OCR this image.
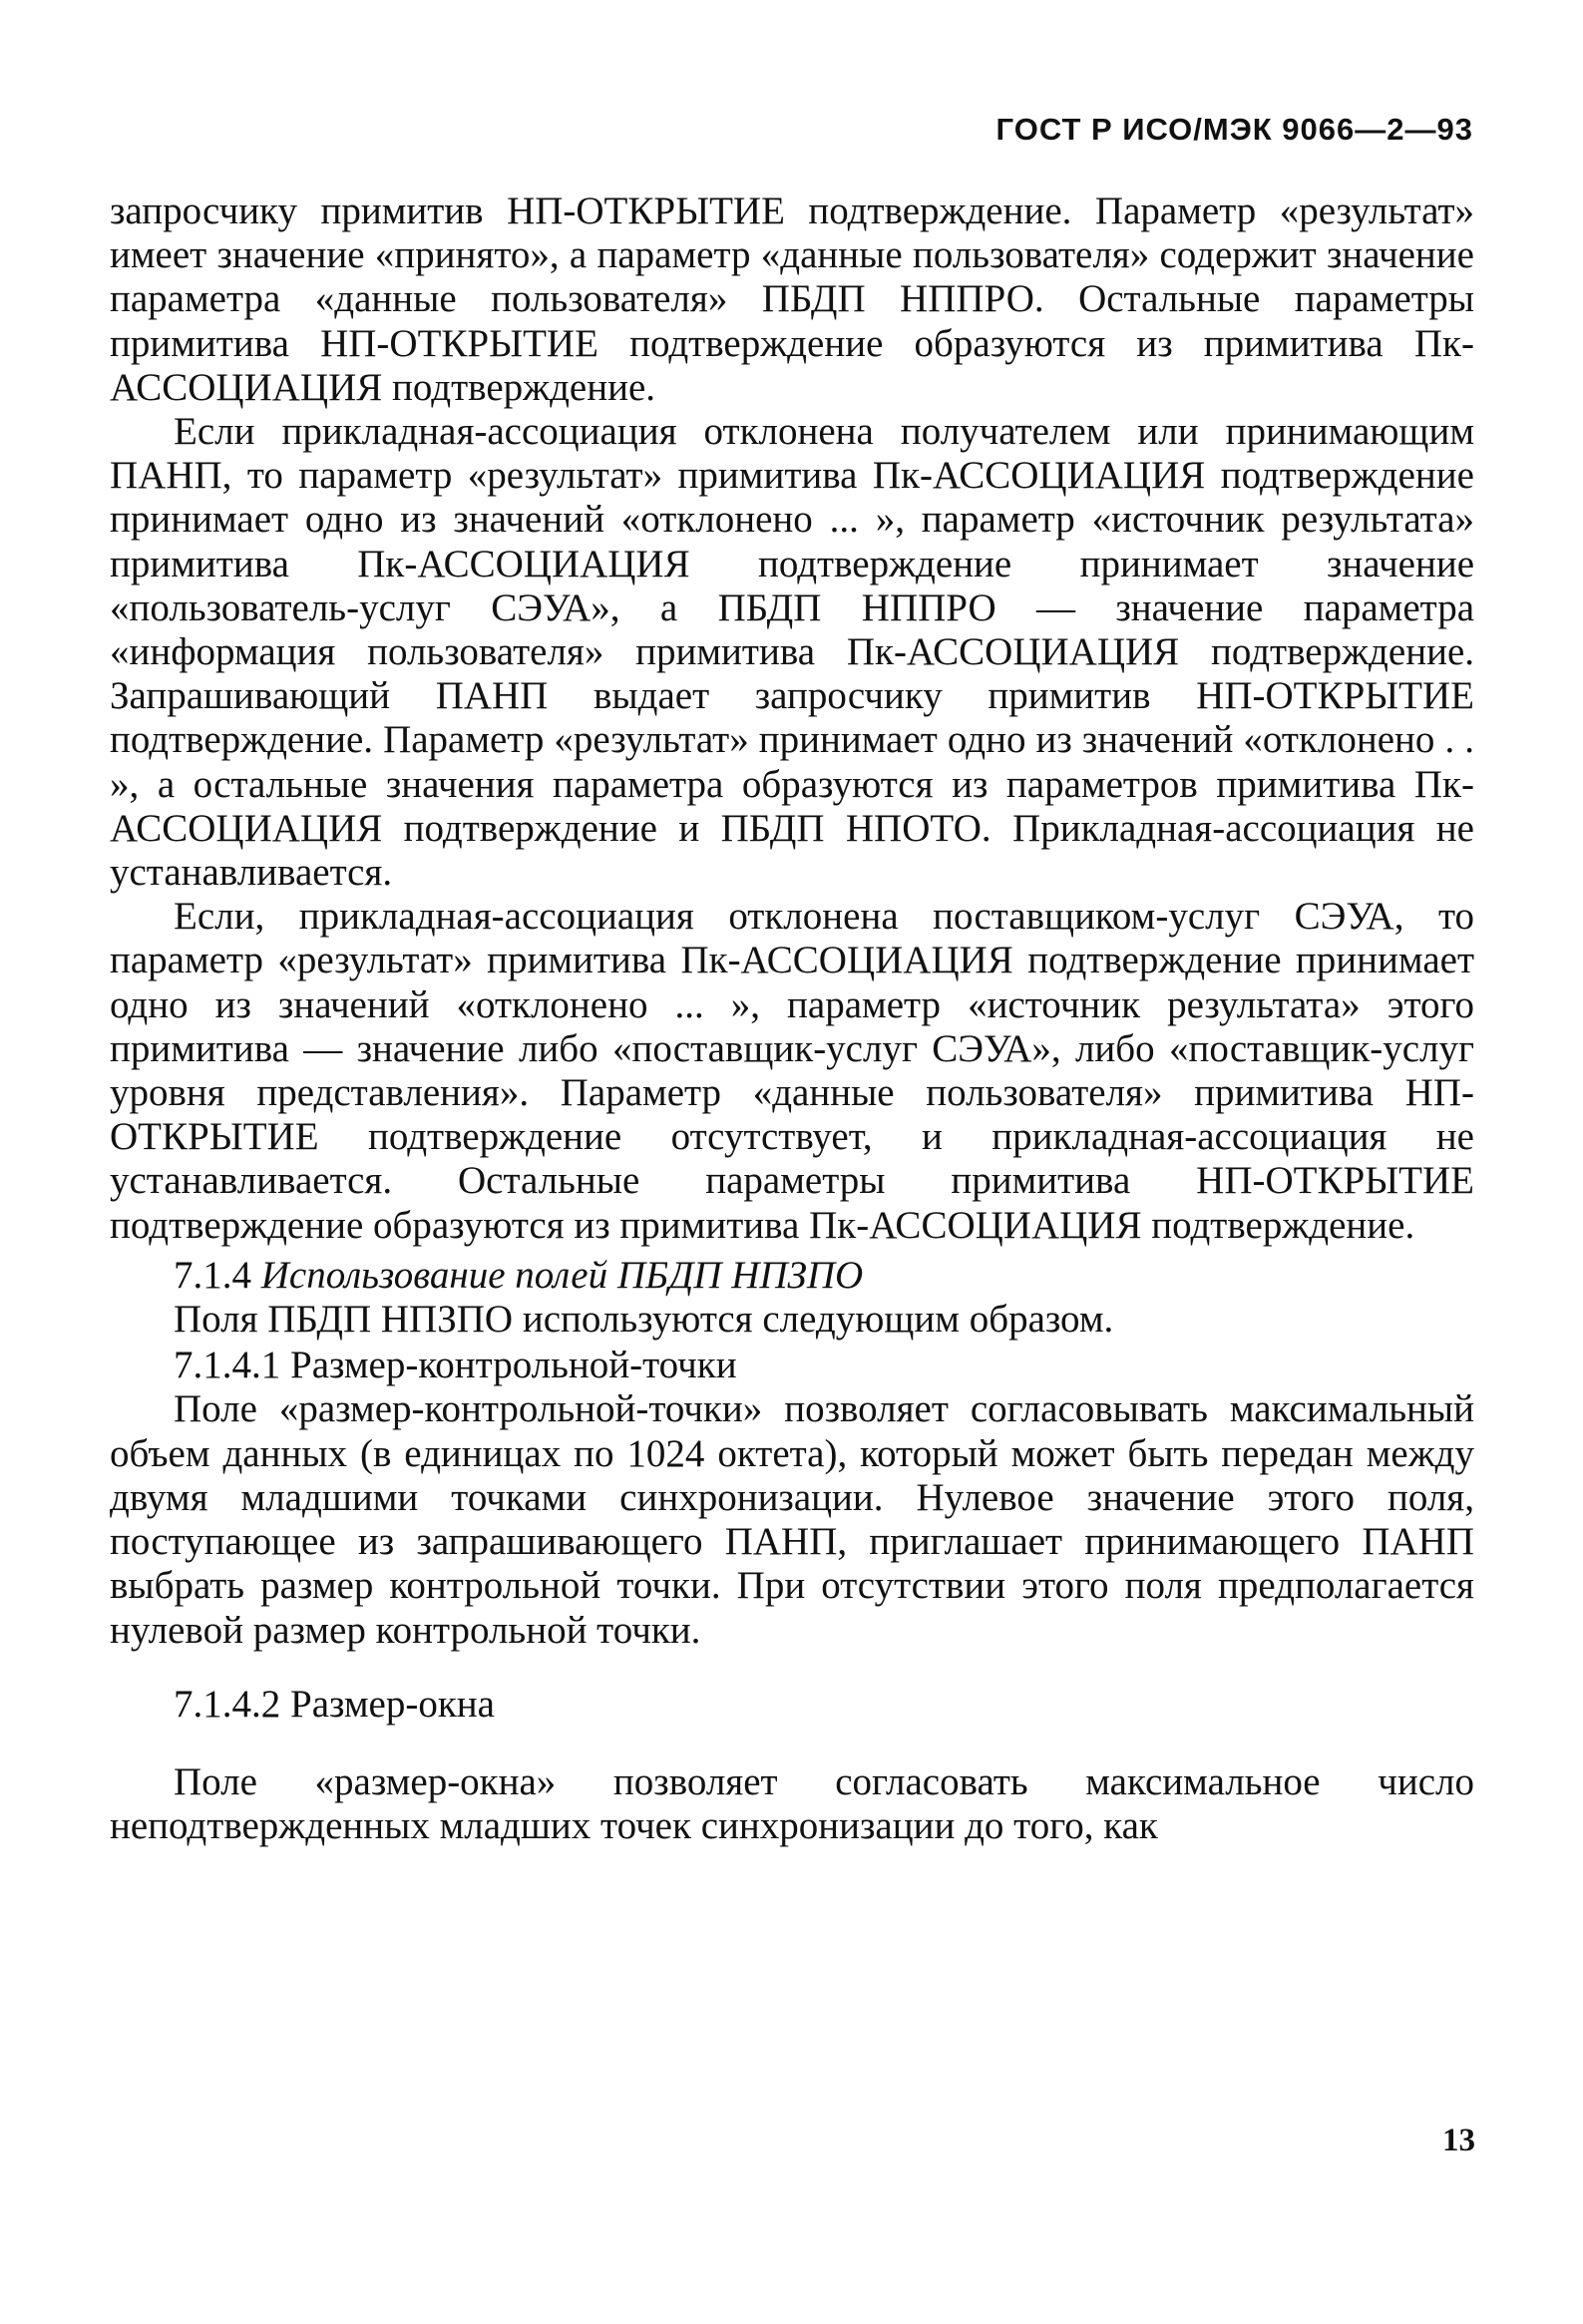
ГОСТ Р ИСО/МЭК 9066—2—93

запросчику примитив НП-ОТКРЫТИЕ подтверждение. Параметр «результат» имеет значение «принято», а параметр «данные пользователя» содержит значение параметра «данные пользователя» ПБДП НППРО. Остальные параметры примитива НП-ОТКРЫТИЕ подтверждение образуются из примитива Пк-АССОЦИАЦИЯ подтверждение.

Если прикладная-ассоциация отклонена получателем или принимающим ПАНП, то параметр «результат» примитива Пк-АССОЦИАЦИЯ подтверждение принимает одно из значений «отклонено ... », параметр «источник результата» примитива Пк-АССОЦИАЦИЯ подтверждение принимает значение «пользователь-услуг СЭУА», а ПБДП НППРО — значение параметра «информация пользователя» примитива Пк-АССОЦИАЦИЯ подтверждение. Запрашивающий ПАНП выдает запросчику примитив НП-ОТКРЫТИЕ подтверждение. Параметр «результат» принимает одно из значений «отклонено . . », а остальные значения параметра образуются из параметров примитива Пк-АССОЦИАЦИЯ подтверждение и ПБДП НПОТО. Прикладная-ассоциация не устанавливается.

Если, прикладная-ассоциация отклонена поставщиком-услуг СЭУА, то параметр «результат» примитива Пк-АССОЦИАЦИЯ подтверждение принимает одно из значений «отклонено ... », параметр «источник результата» этого примитива — значение либо «поставщик-услуг СЭУА», либо «поставщик-услуг уровня представления». Параметр «данные пользователя» примитива НП-ОТКРЫТИЕ подтверждение отсутствует, и прикладная-ассоциация не устанавливается. Остальные параметры примитива НП-ОТКРЫТИЕ подтверждение образуются из примитива Пк-АССОЦИАЦИЯ подтверждение.

7.1.4 Использование полей ПБДП НПЗПО

Поля ПБДП НПЗПО используются следующим образом.

7.1.4.1 Размер-контрольной-точки

Поле «размер-контрольной-точки» позволяет согласовывать максимальный объем данных (в единицах по 1024 октета), который может быть передан между двумя младшими точками синхронизации. Нулевое значение этого поля, поступающее из запрашивающего ПАНП, приглашает принимающего ПАНП выбрать размер контрольной точки. При отсутствии этого поля предполагается нулевой размер контрольной точки.

7.1.4.2 Размер-окна

Поле «размер-окна» позволяет согласовать максимальное число неподтвержденных младших точек синхронизации до того, как

13
